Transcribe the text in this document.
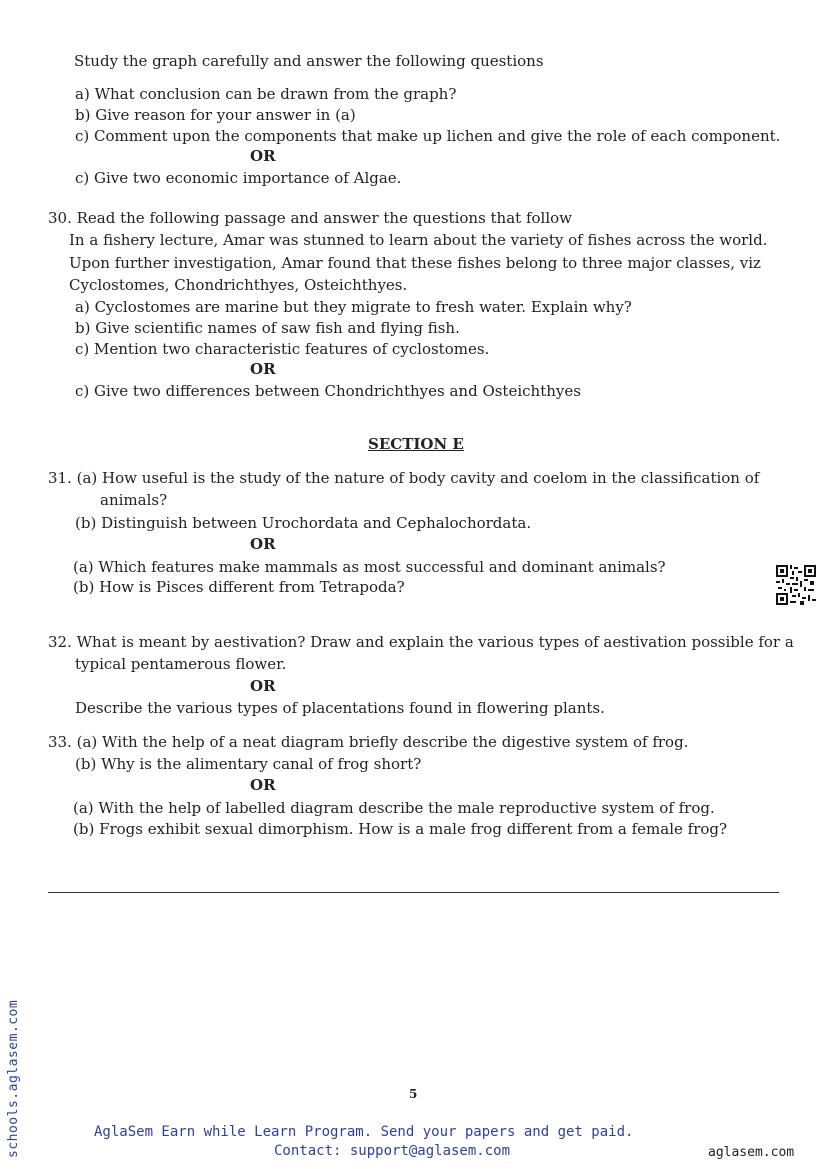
Study the graph carefully and answer the following questions
a) What conclusion can be drawn from the graph?
b) Give reason for your answer in (a)
c) Comment upon the components that make up lichen and give the role of each component.
OR
c) Give two economic importance of Algae.
30. Read the following passage and answer the questions that follow
In a fishery lecture, Amar was stunned to learn about the variety of fishes across the world.
Upon further investigation, Amar found that these fishes belong to three major classes, viz
Cyclostomes, Chondrichthyes, Osteichthyes.
a) Cyclostomes are marine but they migrate to fresh water. Explain why?
b) Give scientific names of saw fish and flying fish.
c) Mention two characteristic features of cyclostomes.
OR
c) Give two differences between Chondrichthyes and Osteichthyes
SECTION E
31. (a) How useful is the study of the nature of body cavity and coelom in the classification of
animals?
(b) Distinguish between Urochordata and Cephalochordata.
OR
(a) Which features make mammals as most successful and dominant animals?
(b) How is Pisces different from Tetrapoda?
32. What is meant by aestivation? Draw and explain the various types of aestivation possible for a
typical pentamerous flower.
OR
Describe the various types of placentations found in flowering plants.
33. (a) With the help of a neat diagram briefly describe the digestive system of frog.
(b) Why is the alimentary canal of frog short?
OR
(a) With the help of labelled diagram describe the male reproductive system of frog.
(b) Frogs exhibit sexual dimorphism. How is a male frog different from a female frog?
5
schools.aglasem.com	AglaSem Earn while Learn Program. Send your papers and get paid.
Contact: support@aglasem.com	aglasem.com
